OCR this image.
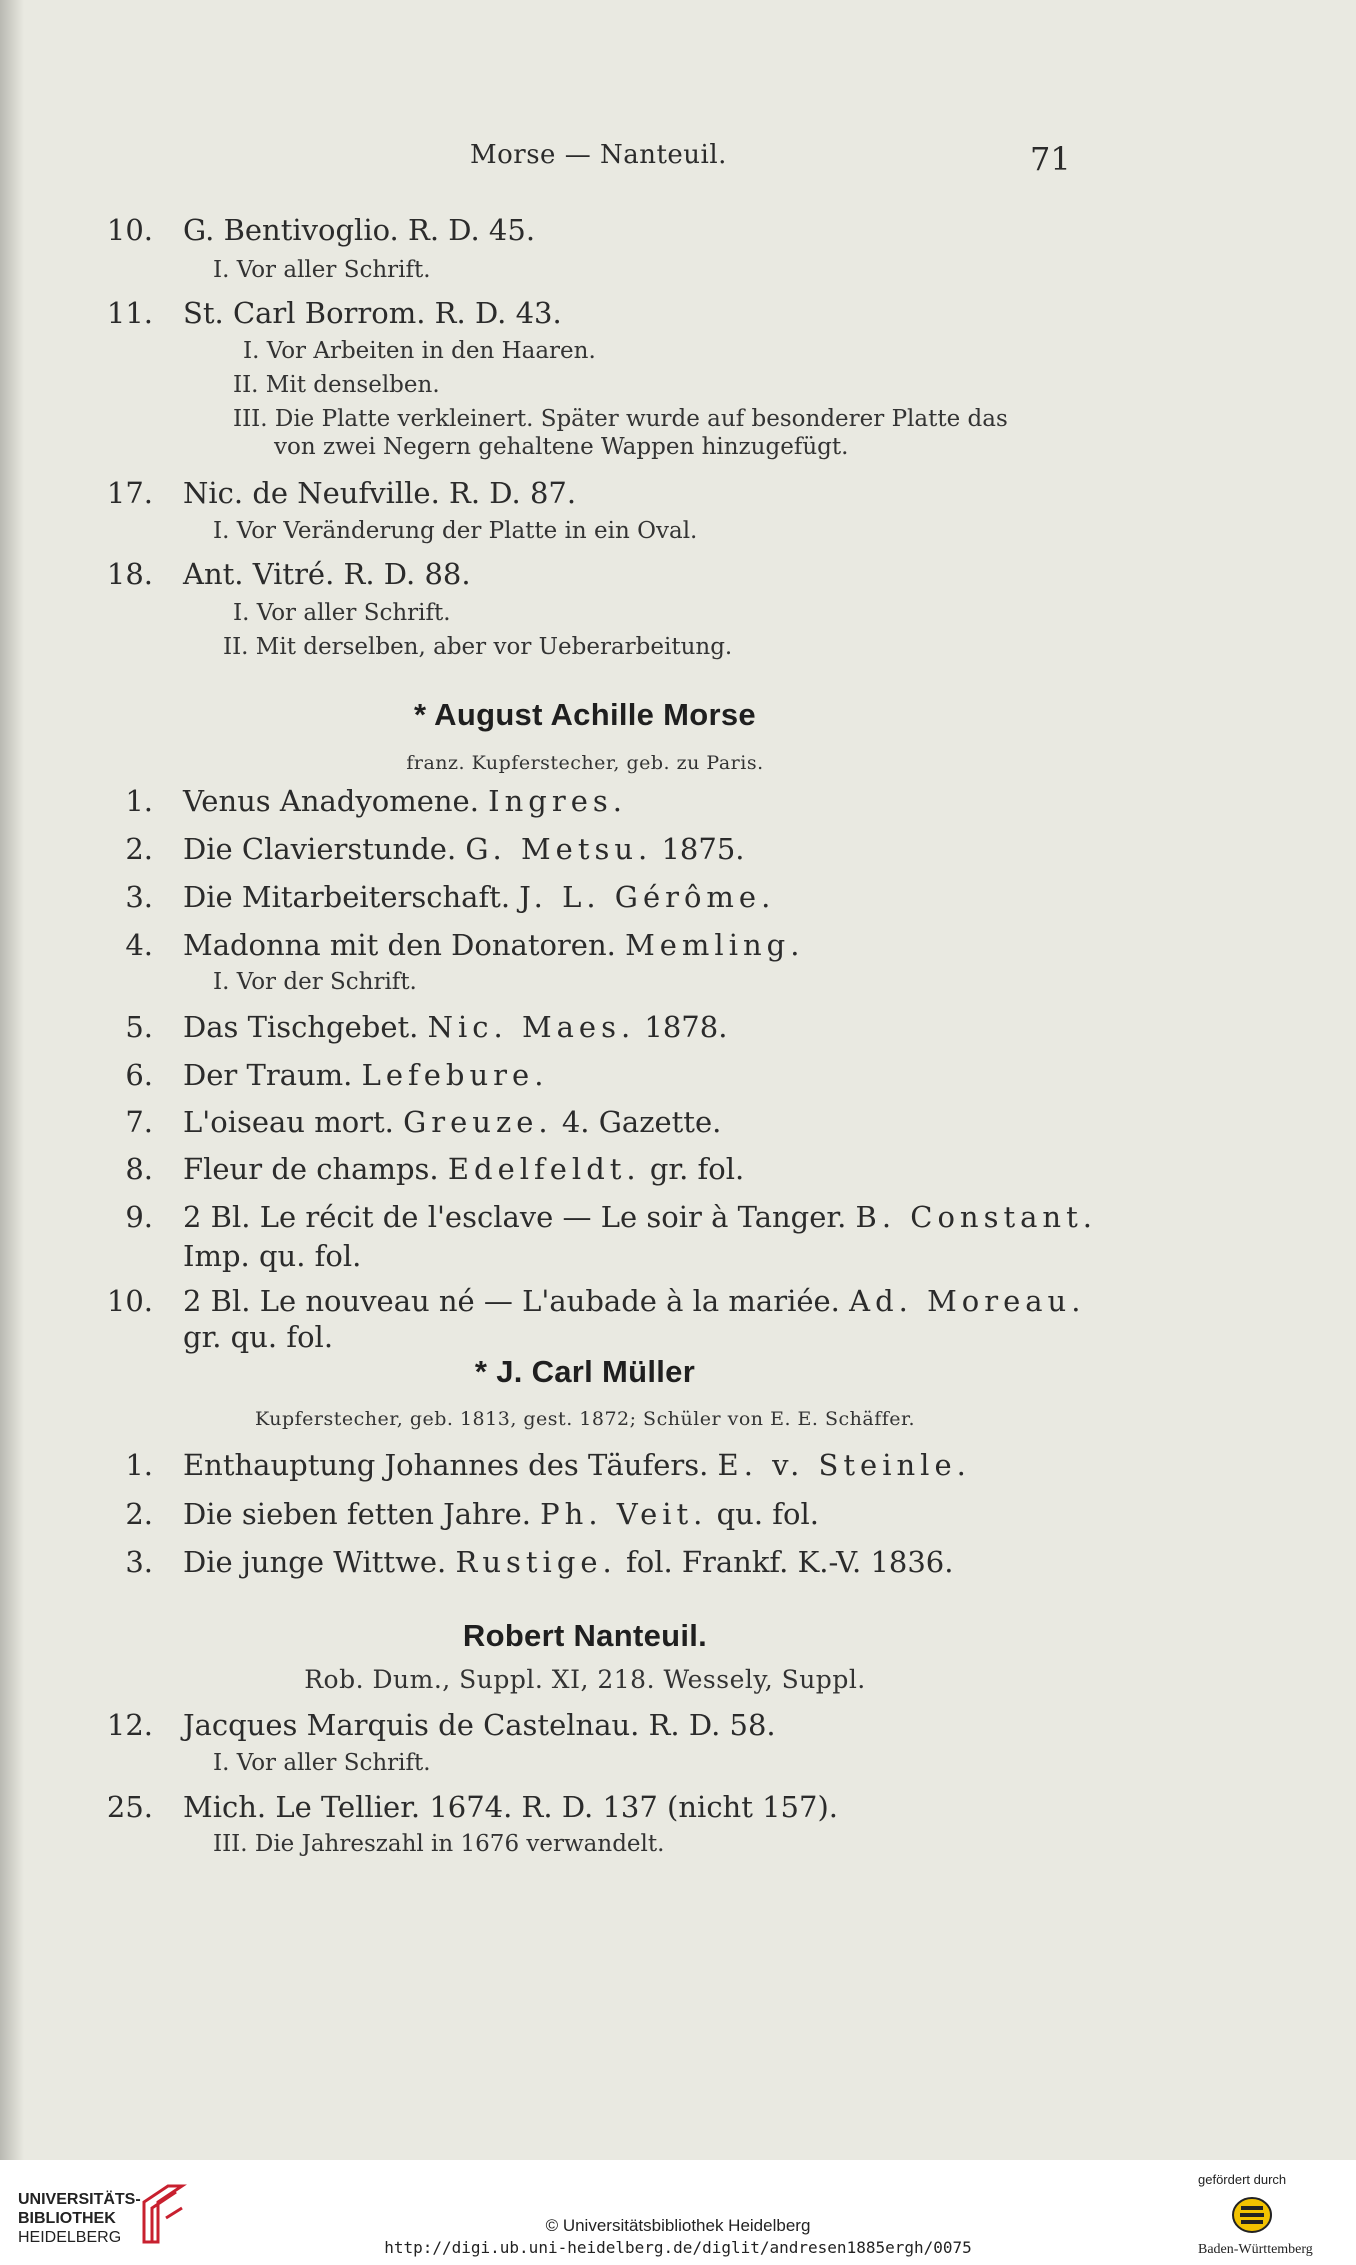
Morse — Nanteuil.	71
10. G. Bentivoglio. R. D. 45.
I. Vor aller Schrift.
11. St. Carl Borrom. R. D. 43.
I. Vor Arbeiten in den Haaren.
II. Mit denselben.
III. Die Platte verkleinert. Später wurde auf besonderer Platte das
von zwei Negern gehaltene Wappen hinzugefügt.
17. Nic. de Neufville. R. D. 87.
I. Vor Veränderung der Platte in ein Oval.
18. Ant. Vitré. R. D. 88.
I. Vor aller Schrift.
II. Mit derselben, aber vor Ueberarbeitung.
* August Achille Morse
franz. Kupferstecher, geb. zu Paris.
1. Venus Anadyomene. Ingres.
2. Die Clavierstunde. G. Metsu. 1875.
3. Die Mitarbeiterschaft. J. L. Gérôme.
4. Madonna mit den Donatoren. Memling.
I. Vor der Schrift.
5. Das Tischgebet. Nic. Maes. 1878.
6. Der Traum. Lefebure.
7. L'oiseau mort. Greuze. 4. Gazette.
8. Fleur de champs. Edelfeldt. gr. fol.
9. 2 Bl. Le récit de l'esclave — Le soir à Tanger. B. Constant.
Imp. qu. fol.
10. 2 Bl. Le nouveau né — L'aubade à la mariée. Ad. Moreau.
gr. qu. fol.
* J. Carl Müller
Kupferstecher, geb. 1813, gest. 1872; Schüler von E. E. Schäffer.
1. Enthauptung Johannes des Täufers. E. v. Steinle.
2. Die sieben fetten Jahre. Ph. Veit. qu. fol.
3. Die junge Wittwe. Rustige. fol. Frankf. K.-V. 1836.
Robert Nanteuil.
Rob. Dum., Suppl. XI, 218. Wessely, Suppl.
12. Jacques Marquis de Castelnau. R. D. 58.
I. Vor aller Schrift.
25. Mich. Le Tellier. 1674. R. D. 137 (nicht 157).
III. Die Jahreszahl in 1676 verwandelt.
UNIVERSITÄTS-
BIBLIOTHEK
HEIDELBERG
© Universitätsbibliothek Heidelberg
http://digi.ub.uni-heidelberg.de/diglit/andresen1885ergh/0075
gefördert durch
Baden-Württemberg
